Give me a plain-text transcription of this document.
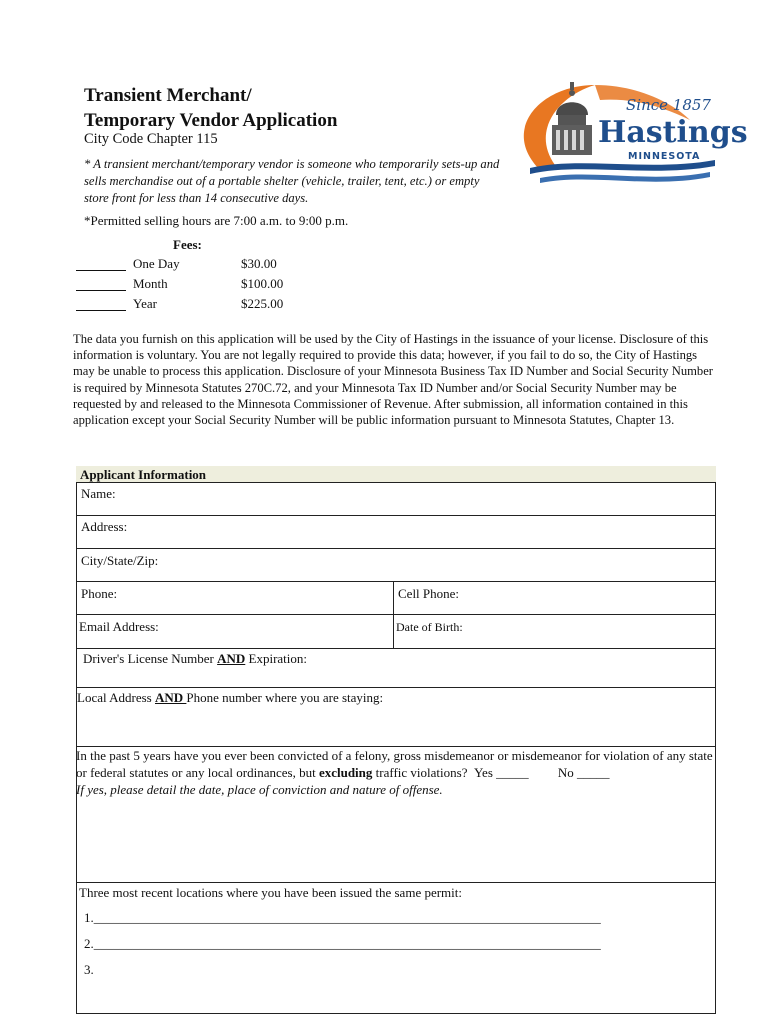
Transient Merchant/
Temporary Vendor Application
City Code Chapter 115
* A transient merchant/temporary vendor is someone who temporarily sets-up and sells merchandise out of a portable shelter (vehicle, trailer, tent, etc.) or empty store front for less than 14 consecutive days.
*Permitted selling hours are 7:00 a.m. to 9:00 p.m.
Since 1857
Hastings
MINNESOTA
Fees:
One Day	$30.00
Month	$100.00
Year	$225.00
The data you furnish on this application will be used by the City of Hastings in the issuance of your license. Disclosure of this information is voluntary. You are not legally required to provide this data; however, if you fail to do so, the City of Hastings may be unable to process this application. Disclosure of your Minnesota Business Tax ID Number and Social Security Number is required by Minnesota Statutes 270C.72, and your Minnesota Tax ID Number and/or Social Security Number may be requested by and released to the Minnesota Commissioner of Revenue. After submission, all information contained in this application except your Social Security Number will be public information pursuant to Minnesota Statutes, Chapter 13.
Applicant Information
Name:
Address:
City/State/Zip:
Phone:	Cell Phone:
Email Address:	Date of Birth:
Driver's License Number AND Expiration:
Local Address AND Phone number where you are staying:
In the past 5 years have you ever been convicted of a felony, gross misdemeanor or misdemeanor for violation of any state or federal statutes or any local ordinances, but excluding traffic violations? Yes _____ No _____
If yes, please detail the date, place of conviction and nature of offense.
Three most recent locations where you have been issued the same permit:
1.______________________________________________________________________________
2.______________________________________________________________________________
3.
